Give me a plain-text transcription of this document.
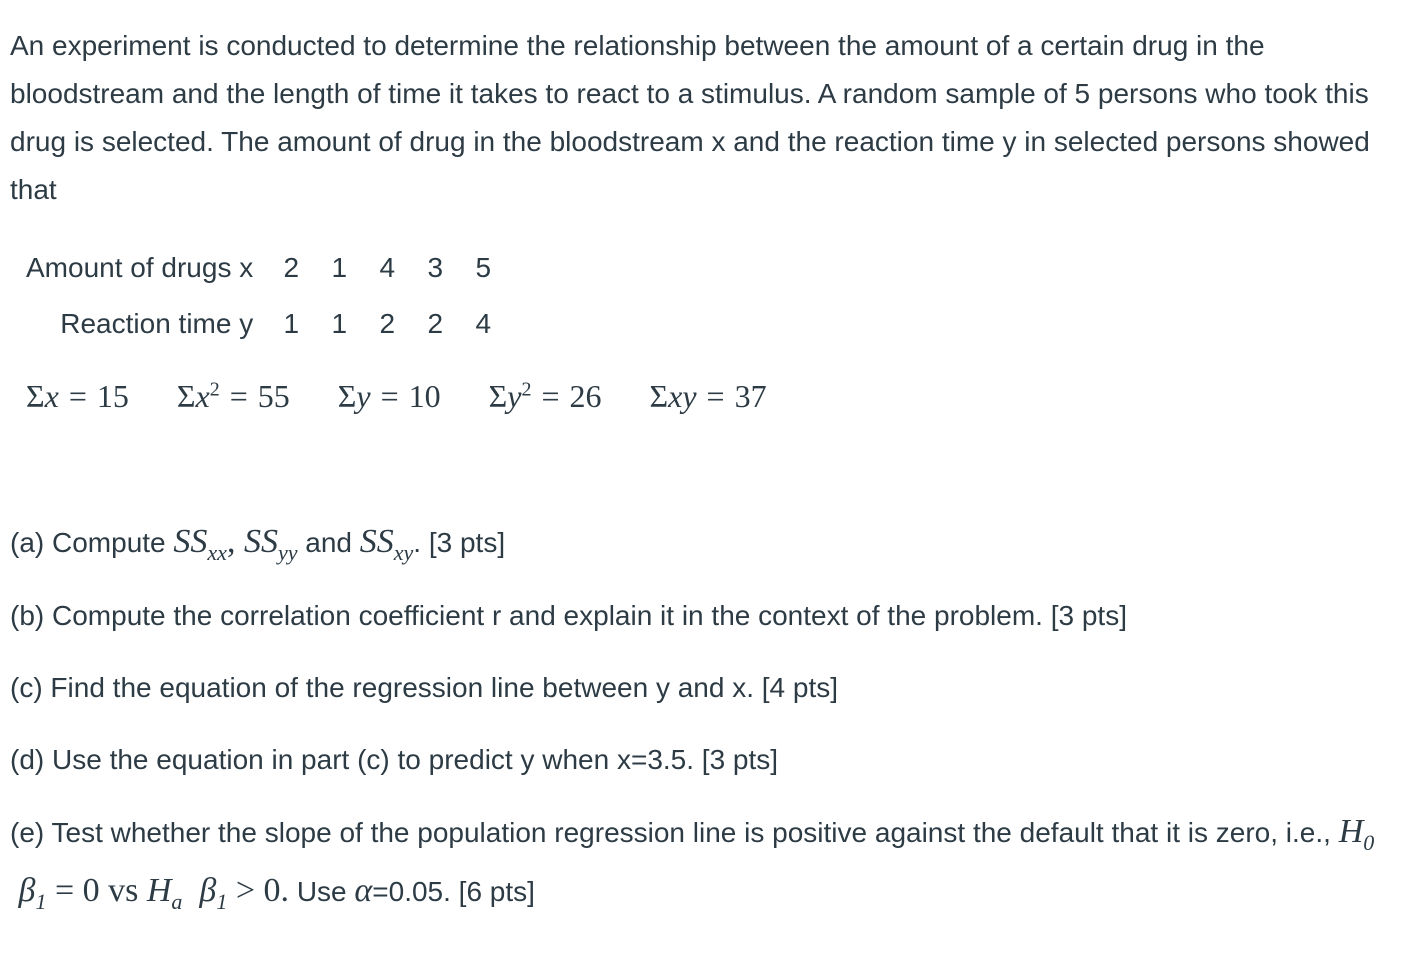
An experiment is conducted to determine the relationship between the amount of a certain drug in the bloodstream and the length of time it takes to react to a stimulus. A random sample of 5 persons who took this drug is selected. The amount of drug in the bloodstream x and the reaction time y in selected persons showed that

Amount of drugs x	2	1	4	3	5
Reaction time y	1	1	2	2	4
Σx = 15 $\Sigma x^2 = 55$ Σy = 10 $\Sigma y^2 = 26$ Σxy = 37

(a) Compute $SS_{xx}$, $SS_{yy}$ and $SS_{xy}$. [3 pts]

(b) Compute the correlation coefficient r and explain it in the context of the problem. [3 pts]

(c) Find the equation of the regression line between y and x. [4 pts]

(d) Use the equation in part (c) to predict y when x=3.5. [3 pts]

(e) Test whether the slope of the population regression line is positive against the default that it is zero, i.e., $H_0$  $\beta_1 = 0$ vs $H_a$  $\beta_1 > 0$. Use α=0.05. [6 pts]
